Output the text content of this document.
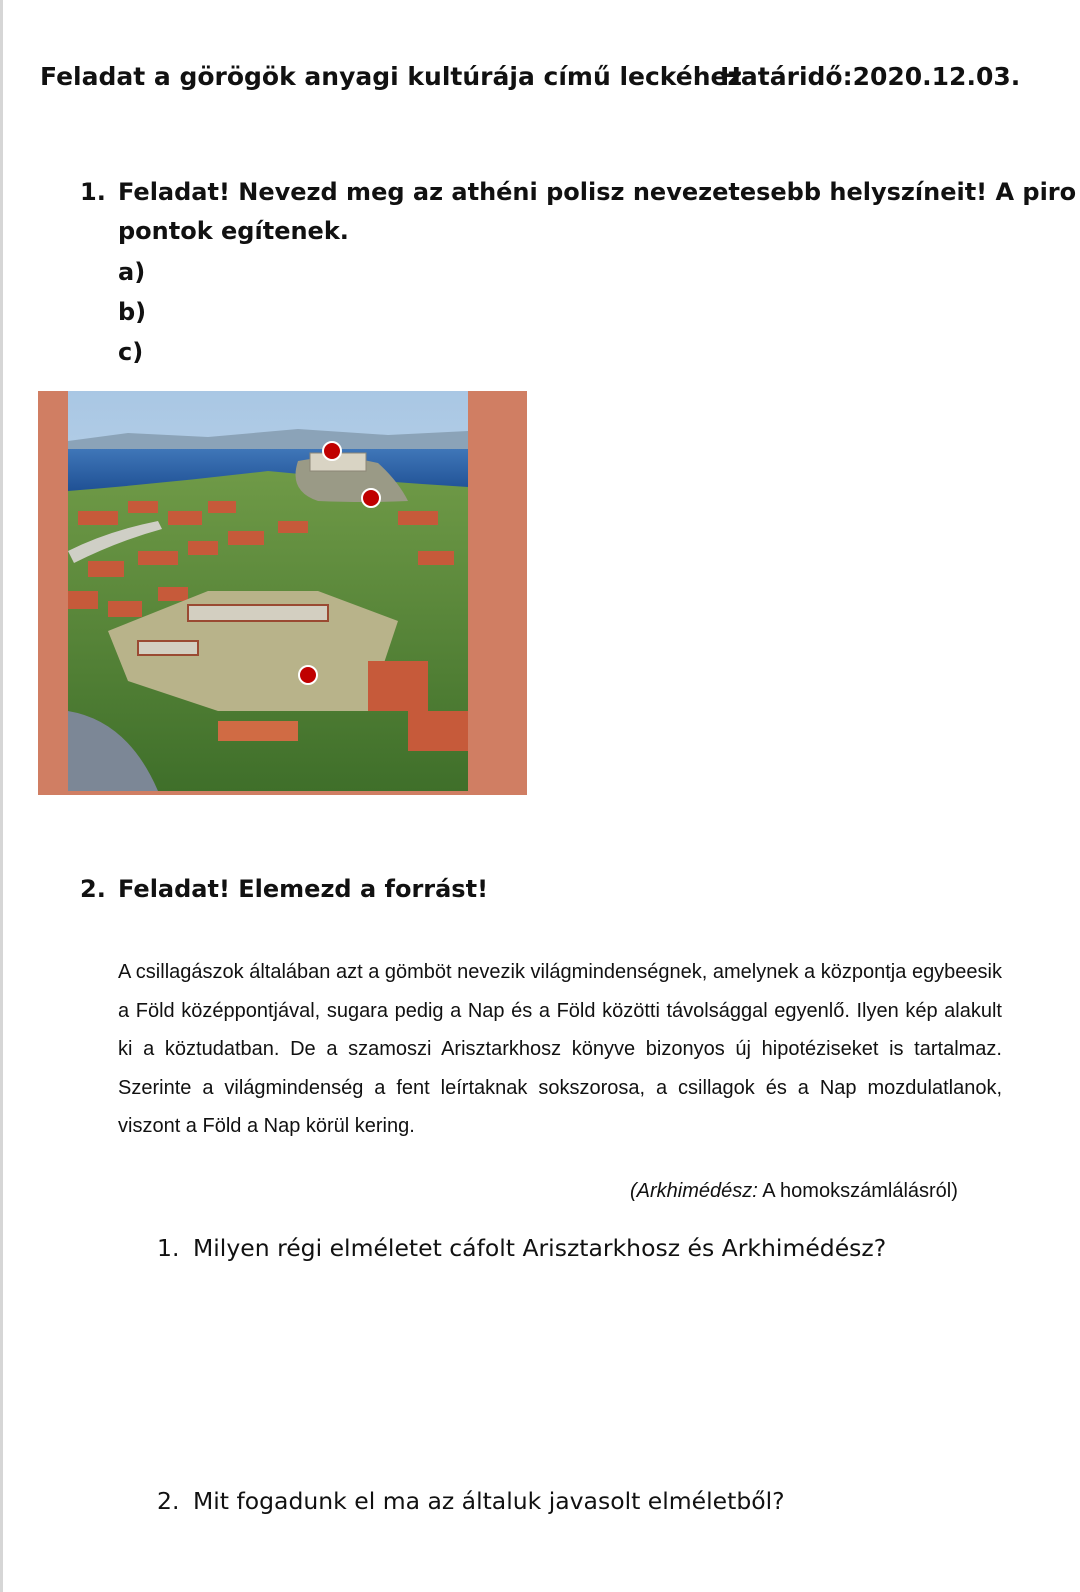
Feladat a görögök anyagi kultúrája című leckéhez
Határidő:2020.12.03.
1. Feladat! Nevezd meg az athéni polisz nevezetesebb helyszíneit! A piro
pontok egítenek.
a)
b)
c)
2. Feladat! Elemezd a forrást!
A csillagászok általában azt a gömböt nevezik világmindenségnek, amelynek a központja egybeesik a Föld középpontjával, sugara pedig a Nap és a Föld közötti távolsággal egyenlő. Ilyen kép alakult ki a köztudatban. De a szamoszi Arisztarkhosz könyve bizonyos új hipotéziseket is tartalmaz. Szerinte a világmindenség a fent leírtaknak sokszorosa, a csillagok és a Nap mozdulatlanok, viszont a Föld a Nap körül kering.
(Arkhimédész: A homokszámlálásról)
1. Milyen régi elméletet cáfolt Arisztarkhosz és Arkhimédész?
2. Mit fogadunk el ma az általuk javasolt elméletből?
